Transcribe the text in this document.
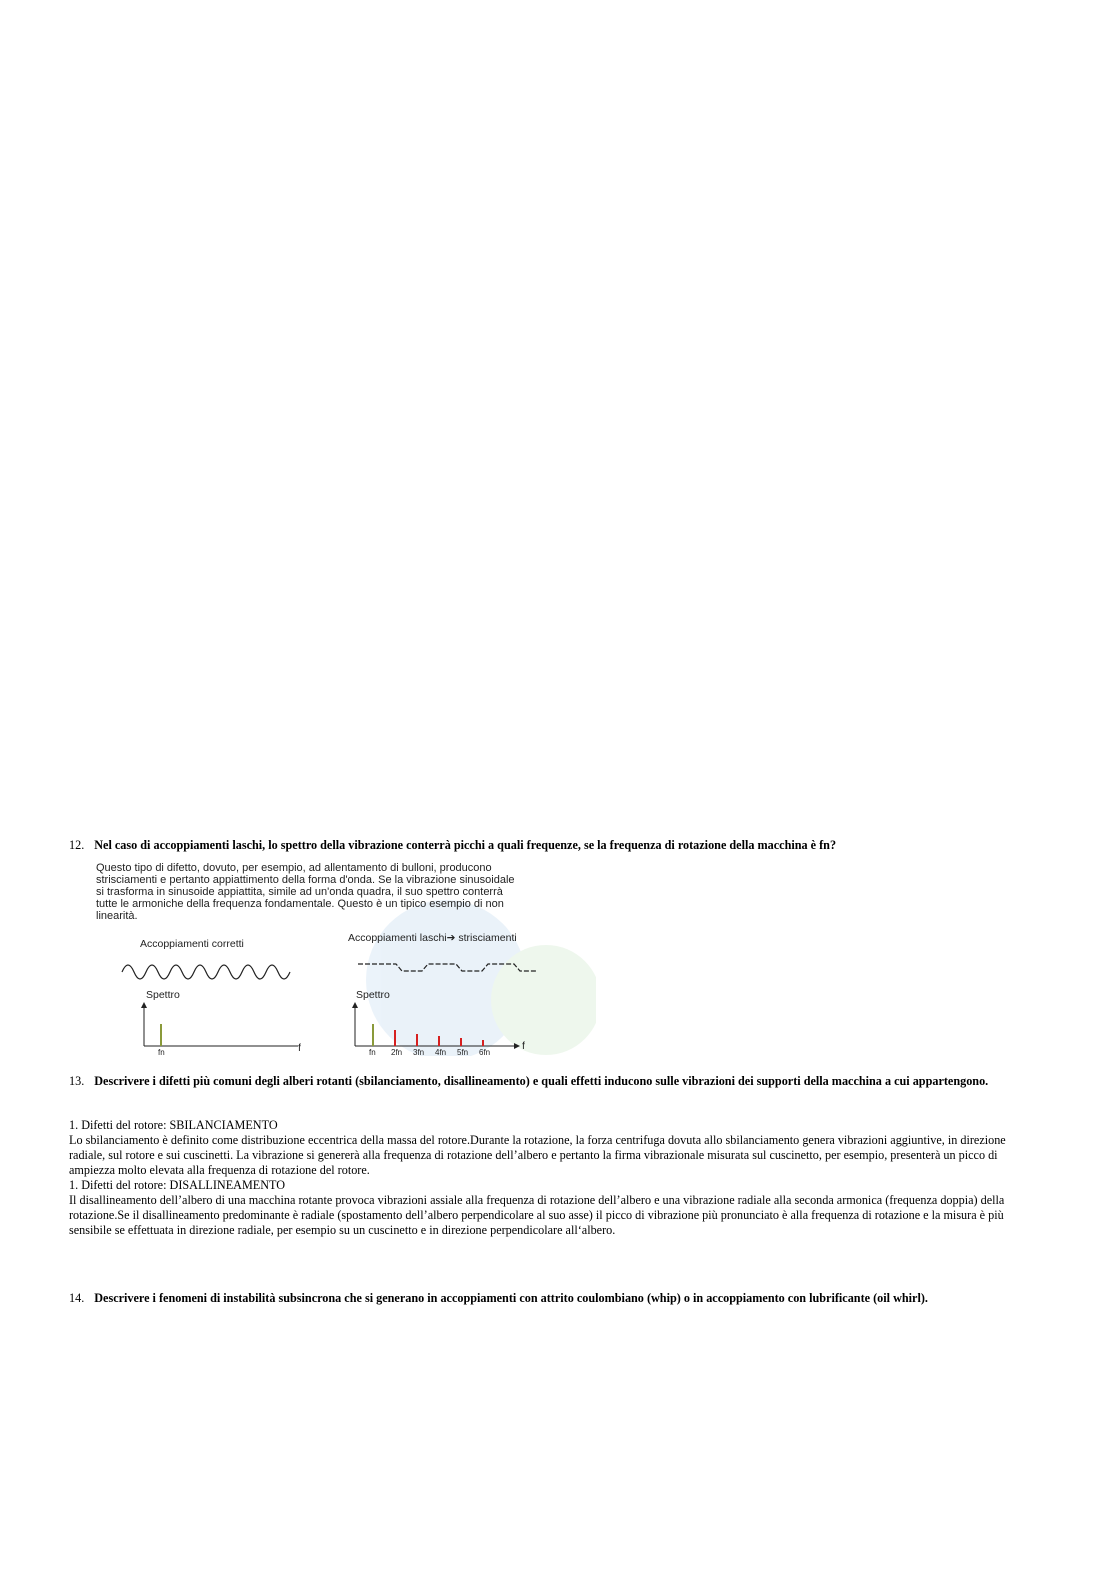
12. Nel caso di accoppiamenti laschi, lo spettro della vibrazione conterrà picchi a quali frequenze, se la frequenza di rotazione della macchina è fn?
fn	fn 2fn 3fn 4fn 5fn 6fn
Questo tipo di difetto, dovuto, per esempio, ad allentamento di bulloni, producono
strisciamenti e pertanto appiattimento della forma d'onda. Se la vibrazione sinusoidale
si trasforma in sinusoide appiattita, simile ad un'onda quadra, il suo spettro conterrà
tutte le armoniche della frequenza fondamentale. Questo è un tipico esempio di non
linearità.
Accoppiamenti corretti	Accoppiamenti laschi➔ strisciamenti
Spettro	Spettro
f	f
13. Descrivere i difetti più comuni degli alberi rotanti (sbilanciamento, disallineamento) e quali effetti inducono sulle vibrazioni dei supporti della macchina a cui appartengono.

1. Difetti del rotore: SBILANCIAMENTO

Lo sbilanciamento è definito come distribuzione eccentrica della massa del rotore.Durante la rotazione, la forza centrifuga dovuta allo sbilanciamento genera vibrazioni aggiuntive, in direzione radiale, sul rotore e sui cuscinetti. La vibrazione si genererà alla frequenza di rotazione dell’albero e pertanto la firma vibrazionale misurata sul cuscinetto, per esempio, presenterà un picco di ampiezza molto elevata alla frequenza di rotazione del rotore.

1. Difetti del rotore: DISALLINEAMENTO

Il disallineamento dell’albero di una macchina rotante provoca vibrazioni assiale alla frequenza di rotazione dell’albero e una vibrazione radiale alla seconda armonica (frequenza doppia) della rotazione.Se il disallineamento predominante è radiale (spostamento dell’albero perpendicolare al suo asse) il picco di vibrazione più pronunciato è alla frequenza di rotazione e la misura è più sensibile se effettuata in direzione radiale, per esempio su un cuscinetto e in direzione perpendicolare all‘albero.

14. Descrivere i fenomeni di instabilità subsincrona che si generano in accoppiamenti con attrito coulombiano (whip) o in accoppiamento con lubrificante (oil whirl).
